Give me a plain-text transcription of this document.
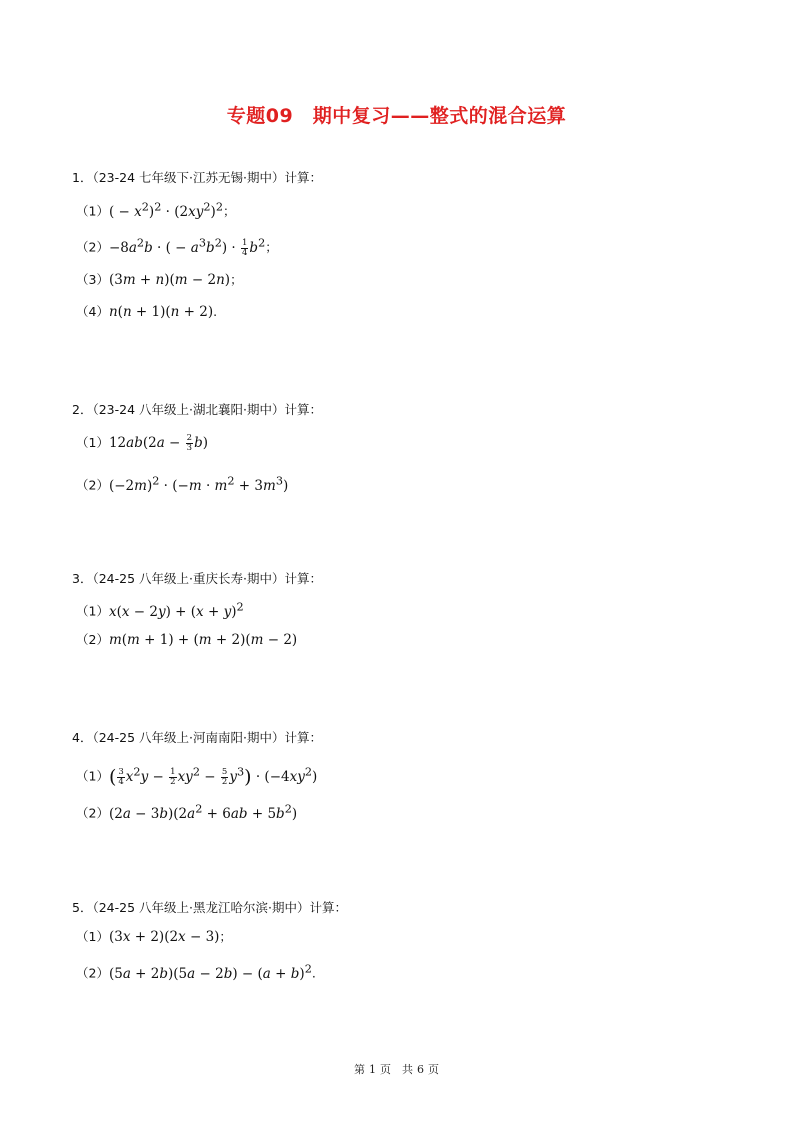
专题09　期中复习——整式的混合运算
1．（23-24 七年级下·江苏无锡·期中）计算：
$(1)( - x^2)^2 \cdot (2xy^2)^2$；
$(2)-8a^2b$ · ( − $a^3b^2) \cdot \frac{1}{4} b^2$；
（3）(3m + n)(m − 2n)；
（4）n(n + 1)(n + 2).
2．（23-24 八年级上·湖北襄阳·期中）计算：
$(1)12ab(2a - \frac{2}{3} b)$
$(2)(-2m)^2 \cdot (-m \cdot m^2 + 3m^3)$
3．（24-25 八年级上·重庆长寿·期中）计算：
$(1)x(x - 2y) + (x + y)^2$
（2）m(m + 1) + (m + 2)(m − 2)
4．（24-25 八年级上·河南南阳·期中）计算：
$(1)( \frac{3}{4} x^2y - \frac{1}{2} xy^2 - \frac{5}{2} y^3) \cdot (-4xy^2)$
$(2)(2a - 3b)(2a^2 + 6ab + 5b^2)$
5．（24-25 八年级上·黑龙江哈尔滨·期中）计算：
（1）(3x + 2)(2x − 3)；
$(2)(5a + 2b)(5a - 2b) - (a + b)^2$.
第 1 页　共 6 页
